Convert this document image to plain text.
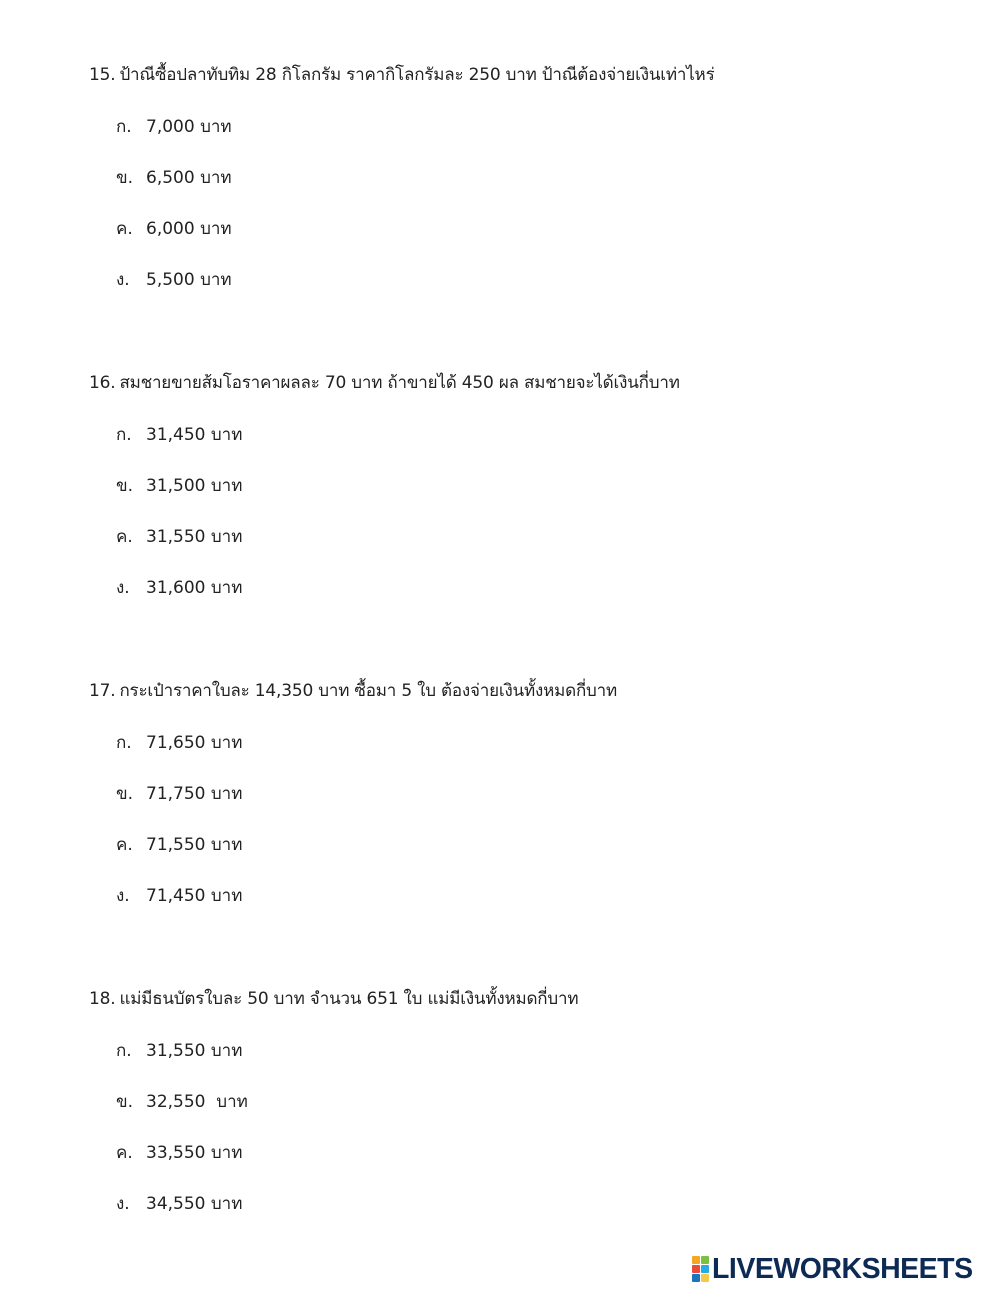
15. ป้าณีซื้อปลาทับทิม 28 กิโลกรัม ราคากิโลกรัมละ 250 บาท ป้าณีต้องจ่ายเงินเท่าไหร่
ก. 7,000 บาท
ข. 6,500 บาท
ค. 6,000 บาท
ง. 5,500 บาท
16. สมชายขายส้มโอราคาผลละ 70 บาท ถ้าขายได้ 450 ผล สมชายจะได้เงินกี่บาท
ก. 31,450 บาท
ข. 31,500 บาท
ค. 31,550 บาท
ง. 31,600 บาท
17. กระเป๋าราคาใบละ 14,350 บาท ซื้อมา 5 ใบ ต้องจ่ายเงินทั้งหมดกี่บาท
ก. 71,650 บาท
ข. 71,750 บาท
ค. 71,550 บาท
ง. 71,450 บาท
18. แม่มีธนบัตรใบละ 50 บาท จำนวน 651 ใบ แม่มีเงินทั้งหมดกี่บาท
ก. 31,550 บาท
ข. 32,550  บาท
ค. 33,550 บาท
ง. 34,550 บาท
LIVEWORKSHEETS
